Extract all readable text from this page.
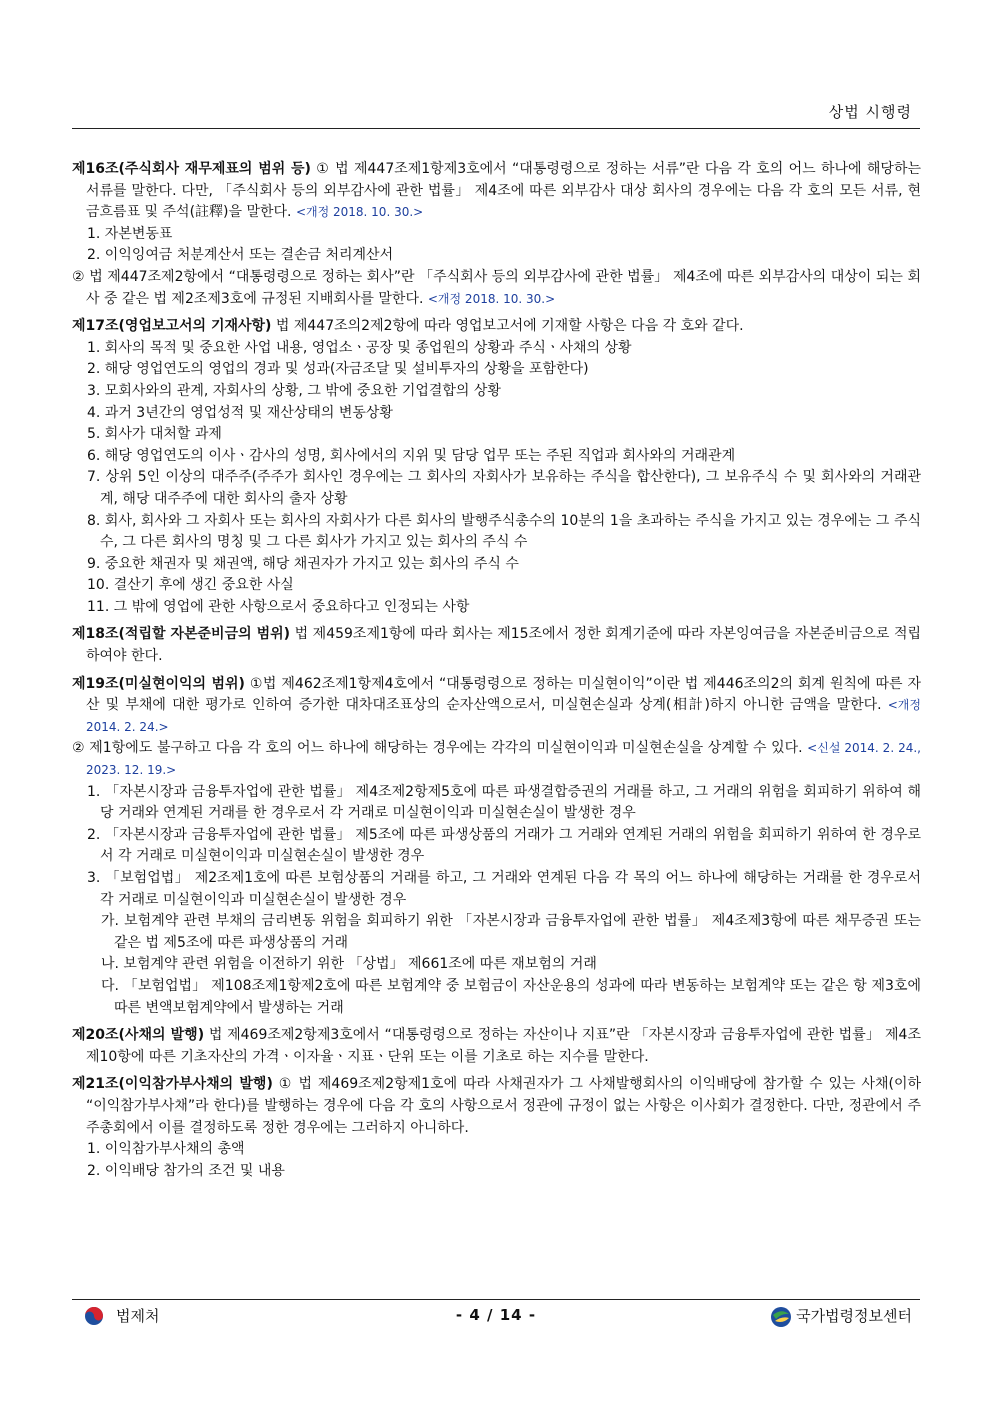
상법 시행령

제16조(주식회사 재무제표의 범위 등) ① 법 제447조제1항제3호에서 “대통령령으로 정하는 서류”란 다음 각 호의 어느 하나에 해당하는 서류를 말한다. 다만, 「주식회사 등의 외부감사에 관한 법률」 제4조에 따른 외부감사 대상 회사의 경우에는 다음 각 호의 모든 서류, 현금흐름표 및 주석(註釋)을 말한다. <개정 2018. 10. 30.>

1. 자본변동표

2. 이익잉여금 처분계산서 또는 결손금 처리계산서

② 법 제447조제2항에서 “대통령령으로 정하는 회사”란 「주식회사 등의 외부감사에 관한 법률」 제4조에 따른 외부감사의 대상이 되는 회사 중 같은 법 제2조제3호에 규정된 지배회사를 말한다. <개정 2018. 10. 30.>

제17조(영업보고서의 기재사항) 법 제447조의2제2항에 따라 영업보고서에 기재할 사항은 다음 각 호와 같다.

1. 회사의 목적 및 중요한 사업 내용, 영업소ㆍ공장 및 종업원의 상황과 주식ㆍ사채의 상황

2. 해당 영업연도의 영업의 경과 및 성과(자금조달 및 설비투자의 상황을 포함한다)

3. 모회사와의 관계, 자회사의 상황, 그 밖에 중요한 기업결합의 상황

4. 과거 3년간의 영업성적 및 재산상태의 변동상황

5. 회사가 대처할 과제

6. 해당 영업연도의 이사ㆍ감사의 성명, 회사에서의 지위 및 담당 업무 또는 주된 직업과 회사와의 거래관계

7. 상위 5인 이상의 대주주(주주가 회사인 경우에는 그 회사의 자회사가 보유하는 주식을 합산한다), 그 보유주식 수 및 회사와의 거래관계, 해당 대주주에 대한 회사의 출자 상황

8. 회사, 회사와 그 자회사 또는 회사의 자회사가 다른 회사의 발행주식총수의 10분의 1을 초과하는 주식을 가지고 있는 경우에는 그 주식 수, 그 다른 회사의 명칭 및 그 다른 회사가 가지고 있는 회사의 주식 수

9. 중요한 채권자 및 채권액, 해당 채권자가 가지고 있는 회사의 주식 수

10. 결산기 후에 생긴 중요한 사실

11. 그 밖에 영업에 관한 사항으로서 중요하다고 인정되는 사항

제18조(적립할 자본준비금의 범위) 법 제459조제1항에 따라 회사는 제15조에서 정한 회계기준에 따라 자본잉여금을 자본준비금으로 적립하여야 한다.

제19조(미실현이익의 범위) ①법 제462조제1항제4호에서 “대통령령으로 정하는 미실현이익”이란 법 제446조의2의 회계 원칙에 따른 자산 및 부채에 대한 평가로 인하여 증가한 대차대조표상의 순자산액으로서, 미실현손실과 상계(相計)하지 아니한 금액을 말한다. <개정 2014. 2. 24.>

② 제1항에도 불구하고 다음 각 호의 어느 하나에 해당하는 경우에는 각각의 미실현이익과 미실현손실을 상계할 수 있다. <신설 2014. 2. 24., 2023. 12. 19.>

1. 「자본시장과 금융투자업에 관한 법률」 제4조제2항제5호에 따른 파생결합증권의 거래를 하고, 그 거래의 위험을 회피하기 위하여 해당 거래와 연계된 거래를 한 경우로서 각 거래로 미실현이익과 미실현손실이 발생한 경우

2. 「자본시장과 금융투자업에 관한 법률」 제5조에 따른 파생상품의 거래가 그 거래와 연계된 거래의 위험을 회피하기 위하여 한 경우로서 각 거래로 미실현이익과 미실현손실이 발생한 경우

3. 「보험업법」 제2조제1호에 따른 보험상품의 거래를 하고, 그 거래와 연계된 다음 각 목의 어느 하나에 해당하는 거래를 한 경우로서 각 거래로 미실현이익과 미실현손실이 발생한 경우

가. 보험계약 관련 부채의 금리변동 위험을 회피하기 위한 「자본시장과 금융투자업에 관한 법률」 제4조제3항에 따른 채무증권 또는 같은 법 제5조에 따른 파생상품의 거래

나. 보험계약 관련 위험을 이전하기 위한 「상법」 제661조에 따른 재보험의 거래

다. 「보험업법」 제108조제1항제2호에 따른 보험계약 중 보험금이 자산운용의 성과에 따라 변동하는 보험계약 또는 같은 항 제3호에 따른 변액보험계약에서 발생하는 거래

제20조(사채의 발행) 법 제469조제2항제3호에서 “대통령령으로 정하는 자산이나 지표”란 「자본시장과 금융투자업에 관한 법률」 제4조제10항에 따른 기초자산의 가격ㆍ이자율ㆍ지표ㆍ단위 또는 이를 기초로 하는 지수를 말한다.

제21조(이익참가부사채의 발행) ① 법 제469조제2항제1호에 따라 사채권자가 그 사채발행회사의 이익배당에 참가할 수 있는 사채(이하 “이익참가부사채”라 한다)를 발행하는 경우에 다음 각 호의 사항으로서 정관에 규정이 없는 사항은 이사회가 결정한다. 다만, 정관에서 주주총회에서 이를 결정하도록 정한 경우에는 그러하지 아니하다.

1. 이익참가부사채의 총액

2. 이익배당 참가의 조건 및 내용

법제처	- 4 / 14 -	국가법령정보센터
